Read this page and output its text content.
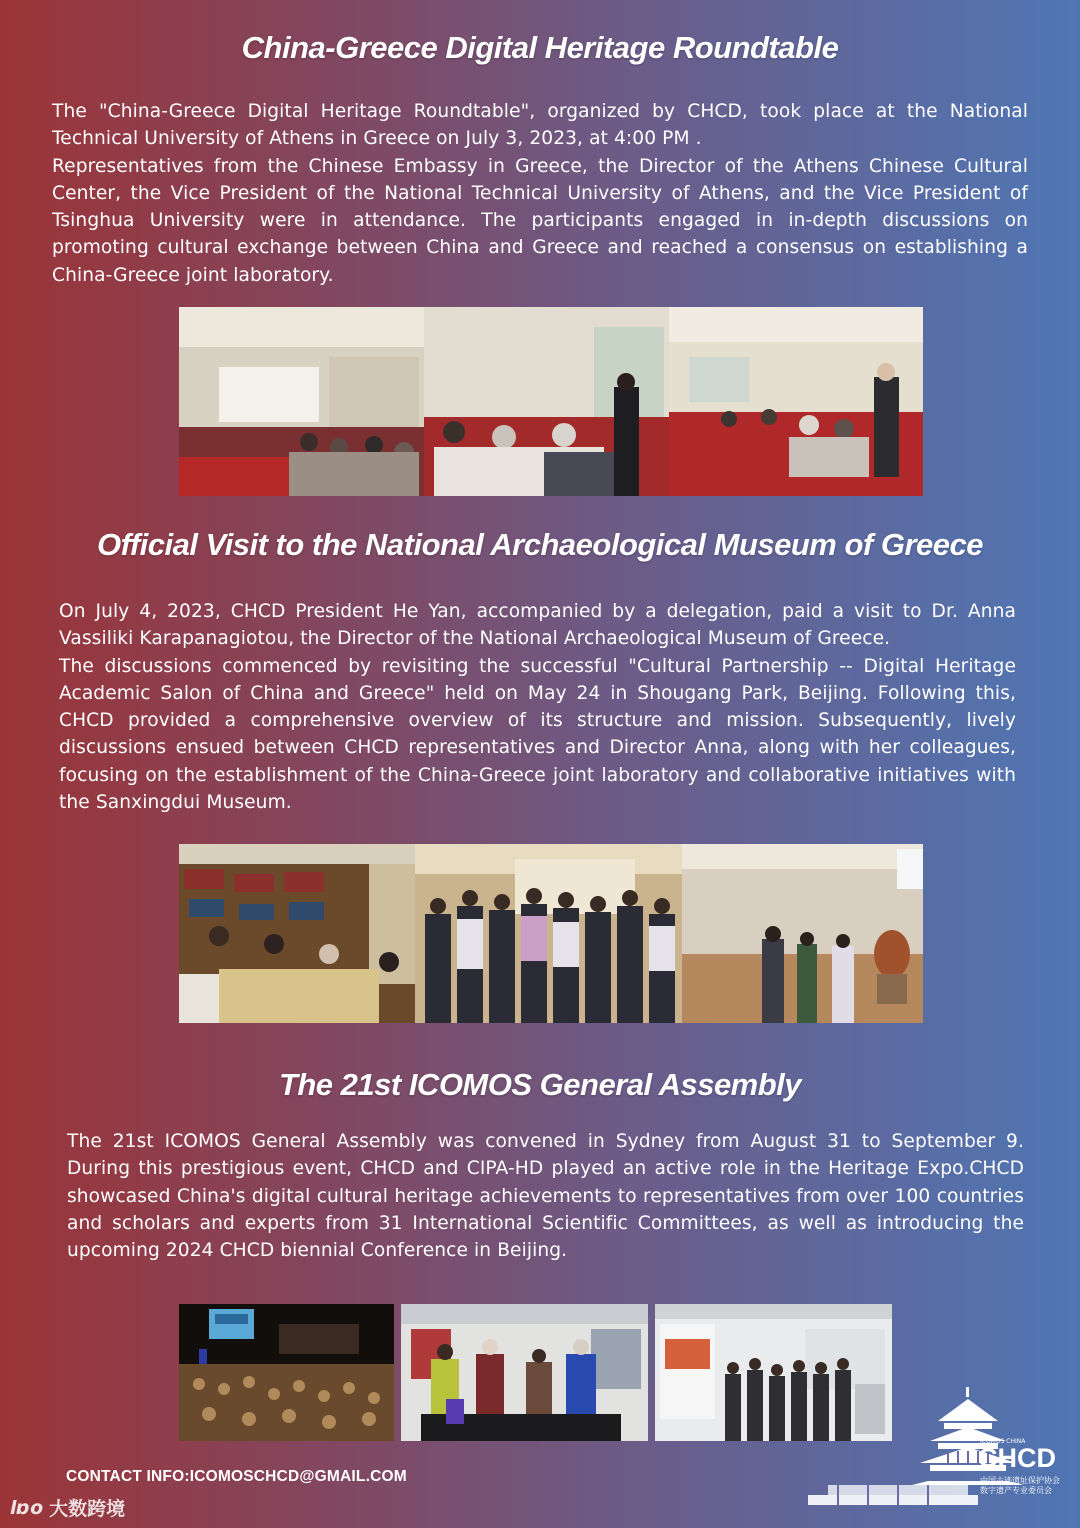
China-Greece Digital Heritage Roundtable
The "China-Greece Digital Heritage Roundtable", organized by CHCD, took place at the National Technical University of Athens in Greece on July 3, 2023, at 4:00 PM .
Representatives from the Chinese Embassy in Greece, the Director of the Athens Chinese Cultural Center, the Vice President of the National Technical University of Athens, and the Vice President of Tsinghua University were in attendance. The participants engaged in in-depth discussions on promoting cultural exchange between China and Greece and reached a consensus on establishing a China-Greece joint laboratory.
Official Visit to the National Archaeological Museum of Greece
On July 4, 2023, CHCD President He Yan, accompanied by a delegation, paid a visit to Dr. Anna Vassiliki Karapanagiotou, the Director of the National Archaeological Museum of Greece.
The discussions commenced by revisiting the successful "Cultural Partnership -- Digital Heritage Academic Salon of China and Greece" held on May 24 in Shougang Park, Beijing. Following this, CHCD provided a comprehensive overview of its structure and mission. Subsequently, lively discussions ensued between CHCD representatives and Director Anna, along with her colleagues, focusing on the establishment of the China-Greece joint laboratory and collaborative initiatives with the Sanxingdui Museum.
The 21st ICOMOS General Assembly
The 21st ICOMOS General Assembly was convened in Sydney from August 31 to September 9. During this prestigious event, CHCD and CIPA-HD played an active role in the Heritage Expo.CHCD showcased China's digital cultural heritage achievements to representatives from over 100 countries and scholars and experts from 31 International Scientific Committees, as well as introducing the upcoming 2024 CHCD biennial Conference in Beijing.
CONTACT INFO:ICOMOSCHCD@GMAIL.COM
lɒo 大数跨境
ICOMOS CHINA
CHCD
中国古迹遗址保护协会
数字遗产专业委员会
